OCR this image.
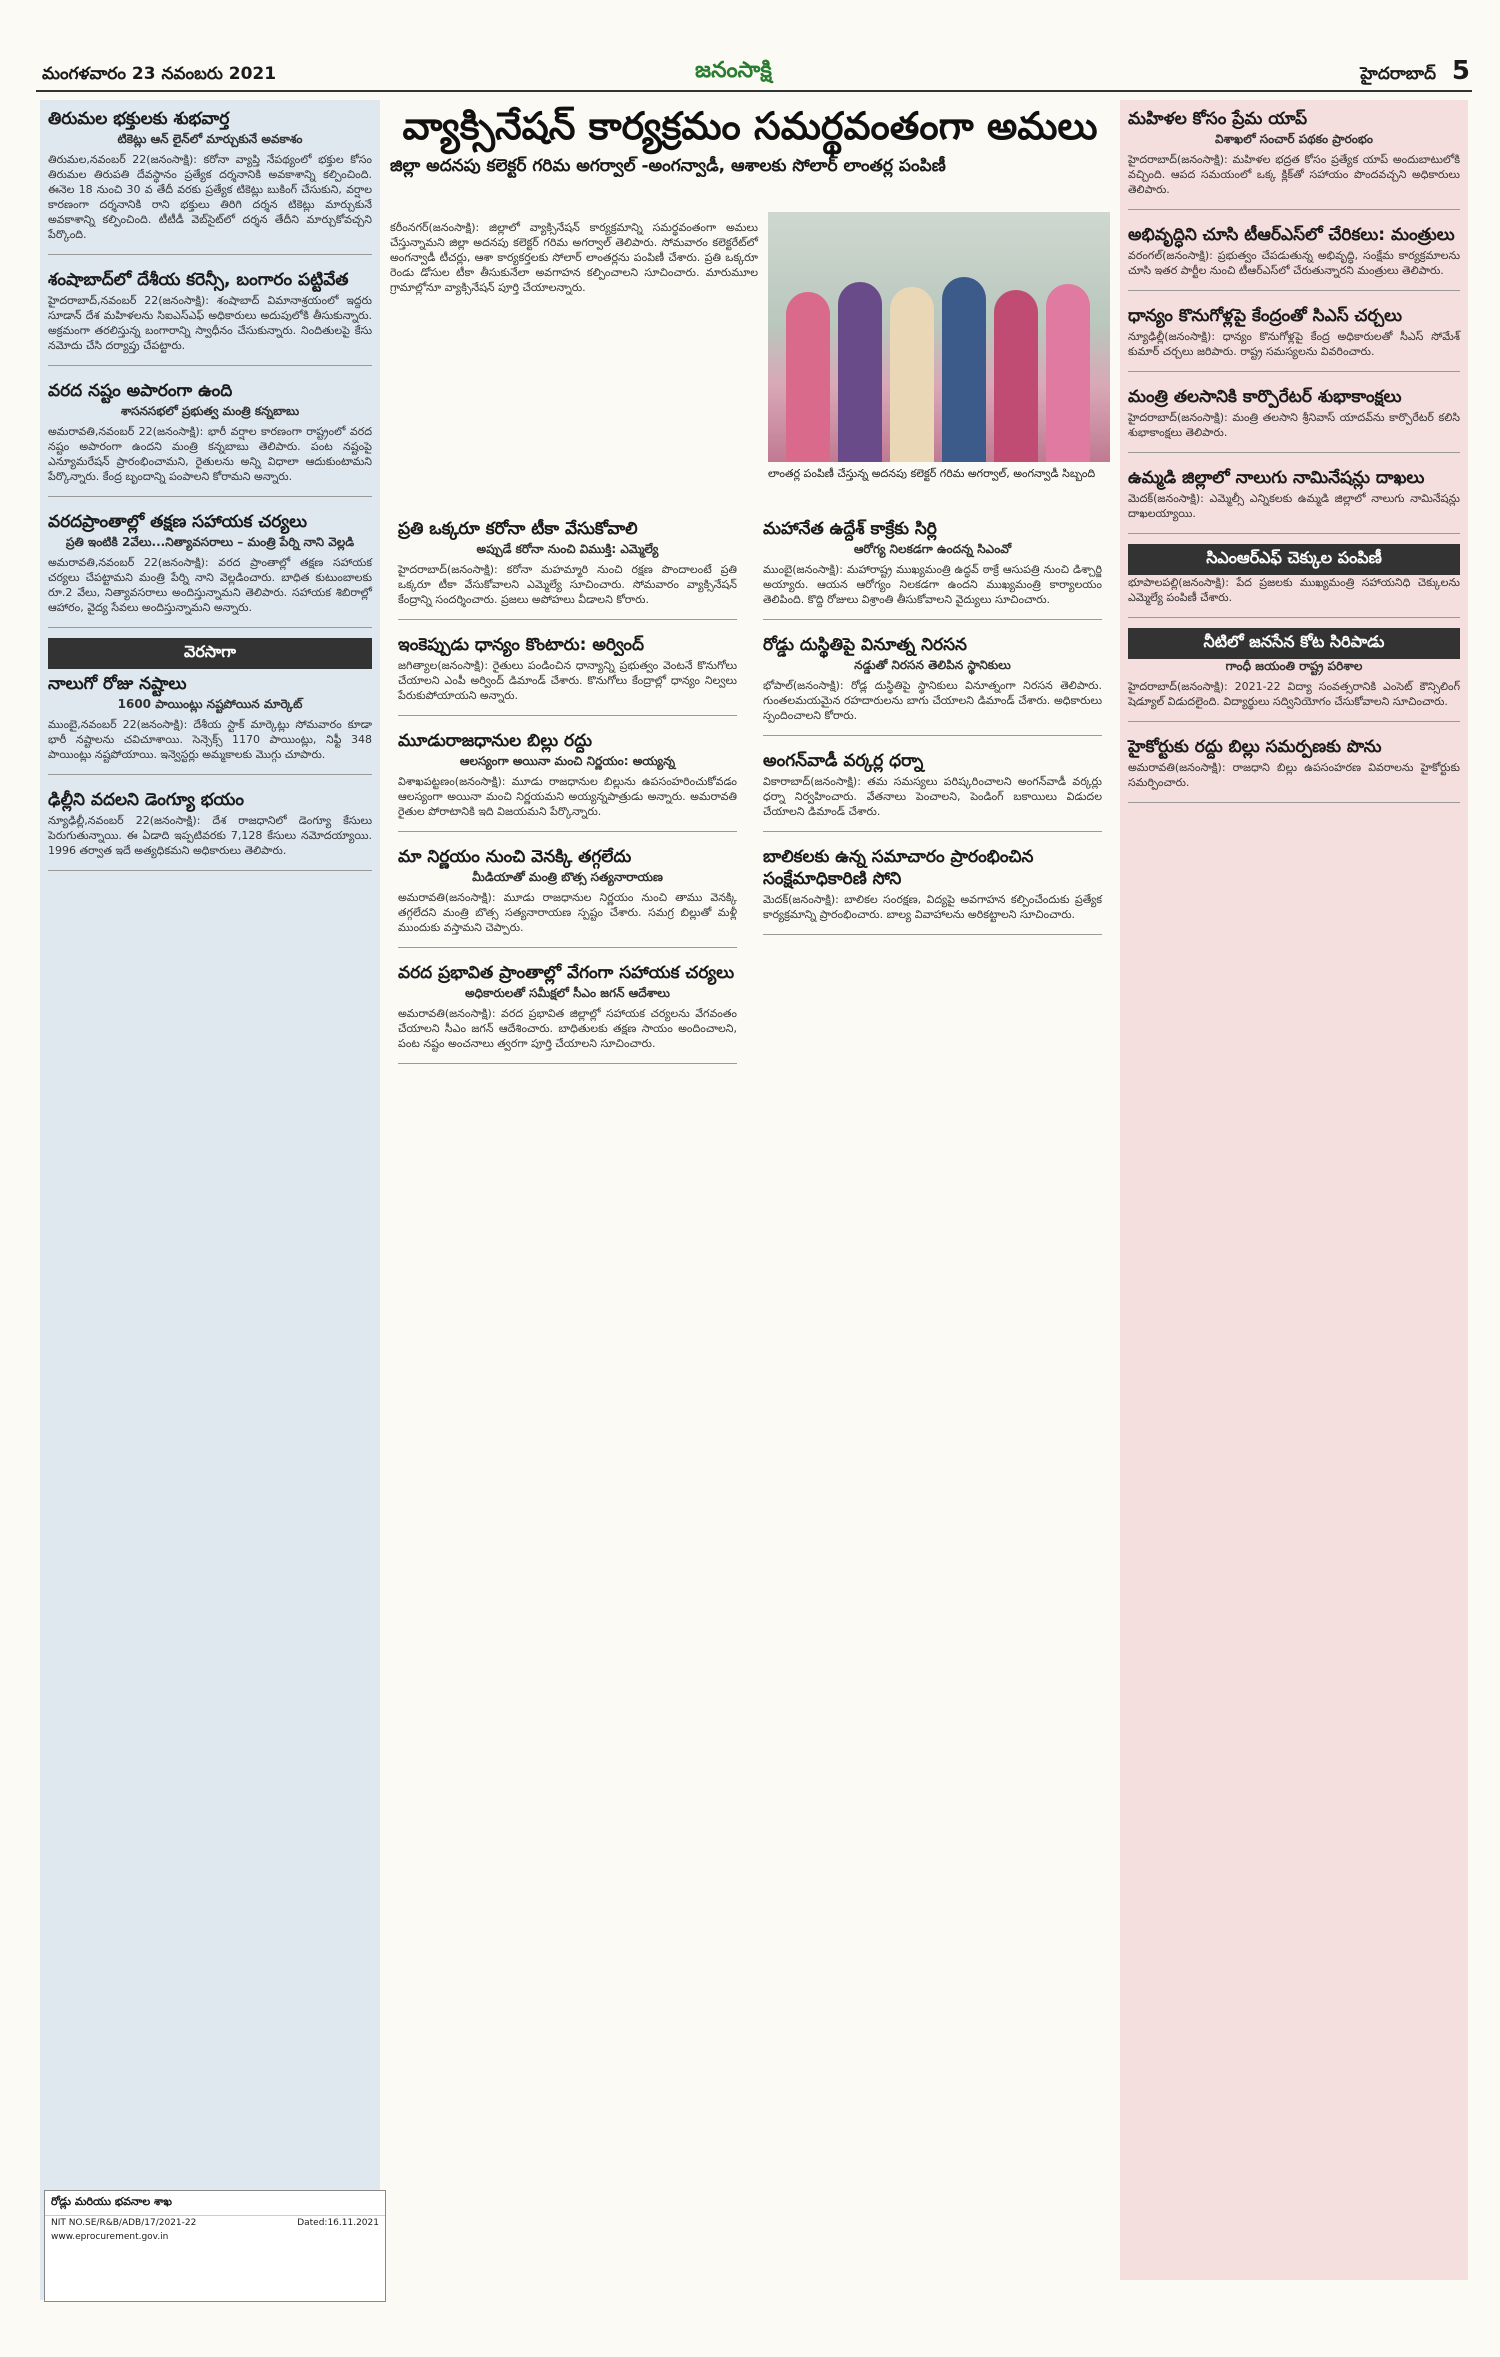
మంగళవారం 23 నవంబరు 2021	జనంసాక్షి	హైదరాబాద్ 5
తిరుమల భక్తులకు శుభవార్త
టికెట్లు ఆన్ లైన్‌లో మార్చుకునే అవకాశం

తిరుమల,నవంబర్ 22(జనంసాక్షి): కరోనా వ్యాప్తి నేపథ్యంలో భక్తుల కోసం తిరుమల తిరుపతి దేవస్థానం ప్రత్యేక దర్శనానికి అవకాశాన్ని కల్పించింది. ఈనెల 18 నుంచి 30 వ తేదీ వరకు ప్రత్యేక టికెట్లు బుకింగ్ చేసుకుని, వర్షాల కారణంగా దర్శనానికి రాని భక్తులు తిరిగి దర్శన టికెట్లు మార్చుకునే అవకాశాన్ని కల్పించింది. టీటీడీ వెబ్‌సైట్‌లో దర్శన తేదీని మార్చుకోవచ్చని పేర్కొంది.

శంషాబాద్‌లో దేశీయ కరెన్సీ, బంగారం పట్టివేత

హైదరాబాద్,నవంబర్ 22(జనంసాక్షి): శంషాబాద్ విమానాశ్రయంలో ఇద్దరు సూడాన్ దేశ మహిళలను సిఐఎస్ఎఫ్ అధికారులు అదుపులోకి తీసుకున్నారు. అక్రమంగా తరలిస్తున్న బంగారాన్ని స్వాధీనం చేసుకున్నారు. నిందితులపై కేసు నమోదు చేసి దర్యాప్తు చేపట్టారు.

వరద నష్టం అపారంగా ఉంది
శాసనసభలో ప్రభుత్వ మంత్రి కన్నబాబు

అమరావతి,నవంబర్ 22(జనంసాక్షి): భారీ వర్షాల కారణంగా రాష్ట్రంలో వరద నష్టం అపారంగా ఉందని మంత్రి కన్నబాబు తెలిపారు. పంట నష్టంపై ఎన్యూమరేషన్ ప్రారంభించామని, రైతులను అన్ని విధాలా ఆదుకుంటామని పేర్కొన్నారు. కేంద్ర బృందాన్ని పంపాలని కోరామని అన్నారు.

వరదప్రాంతాల్లో తక్షణ సహాయక చర్యలు
ప్రతి ఇంటికి 2వేలు...నిత్యావసరాలు – మంత్రి పేర్ని నాని వెల్లడి

అమరావతి,నవంబర్ 22(జనంసాక్షి): వరద ప్రాంతాల్లో తక్షణ సహాయక చర్యలు చేపట్టామని మంత్రి పేర్ని నాని వెల్లడించారు. బాధిత కుటుంబాలకు రూ.2 వేలు, నిత్యావసరాలు అందిస్తున్నామని తెలిపారు. సహాయక శిబిరాల్లో ఆహారం, వైద్య సేవలు అందిస్తున్నామని అన్నారు.

వెరసాగా
నాలుగో రోజు నష్టాలు
1600 పాయింట్లు నష్టపోయిన మార్కెట్

ముంబై,నవంబర్ 22(జనంసాక్షి): దేశీయ స్టాక్ మార్కెట్లు సోమవారం కూడా భారీ నష్టాలను చవిచూశాయి. సెన్సెక్స్ 1170 పాయింట్లు, నిఫ్టీ 348 పాయింట్లు నష్టపోయాయి. ఇన్వెస్టర్లు అమ్మకాలకు మొగ్గు చూపారు.

ఢిల్లీని వదలని డెంగ్యూ భయం

న్యూఢిల్లీ,నవంబర్ 22(జనంసాక్షి): దేశ రాజధానిలో డెంగ్యూ కేసులు పెరుగుతున్నాయి. ఈ ఏడాది ఇప్పటివరకు 7,128 కేసులు నమోదయ్యాయి. 1996 తర్వాత ఇదే అత్యధికమని అధికారులు తెలిపారు.

వ్యాక్సినేషన్ కార్యక్రమం సమర్థవంతంగా అమలు
జిల్లా అదనపు కలెక్టర్ గరిమ అగర్వాల్ -అంగన్వాడీ, ఆశాలకు సోలార్ లాంతర్ల పంపిణీ

కరీంనగర్(జనంసాక్షి): జిల్లాలో వ్యాక్సినేషన్ కార్యక్రమాన్ని సమర్థవంతంగా అమలు చేస్తున్నామని జిల్లా అదనపు కలెక్టర్ గరిమ అగర్వాల్ తెలిపారు. సోమవారం కలెక్టరేట్‌లో అంగన్వాడీ టీచర్లు, ఆశా కార్యకర్తలకు సోలార్ లాంతర్లను పంపిణీ చేశారు. ప్రతి ఒక్కరూ రెండు డోసుల టీకా తీసుకునేలా అవగాహన కల్పించాలని సూచించారు. మారుమూల గ్రామాల్లోనూ వ్యాక్సినేషన్ పూర్తి చేయాలన్నారు.

లాంతర్ల పంపిణీ చేస్తున్న అదనపు కలెక్టర్ గరిమ అగర్వాల్, అంగన్వాడీ సిబ్బంది
ప్రతి ఒక్కరూ కరోనా టీకా వేసుకోవాలి
అప్పుడే కరోనా నుంచి విముక్తి: ఎమ్మెల్యే

హైదరాబాద్(జనంసాక్షి): కరోనా మహమ్మారి నుంచి రక్షణ పొందాలంటే ప్రతి ఒక్కరూ టీకా వేసుకోవాలని ఎమ్మెల్యే సూచించారు. సోమవారం వ్యాక్సినేషన్ కేంద్రాన్ని సందర్శించారు. ప్రజలు అపోహలు వీడాలని కోరారు.

ఇంకెప్పుడు ధాన్యం కొంటారు: అర్వింద్

జగిత్యాల(జనంసాక్షి): రైతులు పండించిన ధాన్యాన్ని ప్రభుత్వం వెంటనే కొనుగోలు చేయాలని ఎంపీ అర్వింద్ డిమాండ్ చేశారు. కొనుగోలు కేంద్రాల్లో ధాన్యం నిల్వలు పేరుకుపోయాయని అన్నారు.

మూడురాజధానుల బిల్లు రద్దు
ఆలస్యంగా అయినా మంచి నిర్ణయం: అయ్యన్న

విశాఖపట్టణం(జనంసాక్షి): మూడు రాజధానుల బిల్లును ఉపసంహరించుకోవడం ఆలస్యంగా అయినా మంచి నిర్ణయమని అయ్యన్నపాత్రుడు అన్నారు. అమరావతి రైతుల పోరాటానికి ఇది విజయమని పేర్కొన్నారు.

మా నిర్ణయం నుంచి వెనక్కి తగ్గలేదు
మీడియాతో మంత్రి బొత్స సత్యనారాయణ

అమరావతి(జనంసాక్షి): మూడు రాజధానుల నిర్ణయం నుంచి తాము వెనక్కి తగ్గలేదని మంత్రి బొత్స సత్యనారాయణ స్పష్టం చేశారు. సమగ్ర బిల్లుతో మళ్లీ ముందుకు వస్తామని చెప్పారు.

వరద ప్రభావిత ప్రాంతాల్లో వేగంగా సహాయక చర్యలు
అధికారులతో సమీక్షలో సీఎం జగన్ ఆదేశాలు

అమరావతి(జనంసాక్షి): వరద ప్రభావిత జిల్లాల్లో సహాయక చర్యలను వేగవంతం చేయాలని సీఎం జగన్ ఆదేశించారు. బాధితులకు తక్షణ సాయం అందించాలని, పంట నష్టం అంచనాలు త్వరగా పూర్తి చేయాలని సూచించారు.

మహానేత ఉద్దేశ్ కాక్రేకు సిర్లి
ఆరోగ్య నిలకడగా ఉందన్న సిఎంవో

ముంబై(జనంసాక్షి): మహారాష్ట్ర ముఖ్యమంత్రి ఉద్ధవ్ ఠాక్రే ఆసుపత్రి నుంచి డిశ్చార్జి అయ్యారు. ఆయన ఆరోగ్యం నిలకడగా ఉందని ముఖ్యమంత్రి కార్యాలయం తెలిపింది. కొద్ది రోజులు విశ్రాంతి తీసుకోవాలని వైద్యులు సూచించారు.

రోడ్డు దుస్థితిపై వినూత్న నిరసన
నడ్డుతో నిరసన తెలిపిన స్థానికులు

భోపాల్(జనంసాక్షి): రోడ్ల దుస్థితిపై స్థానికులు వినూత్నంగా నిరసన తెలిపారు. గుంతలమయమైన రహదారులను బాగు చేయాలని డిమాండ్ చేశారు. అధికారులు స్పందించాలని కోరారు.

అంగన్‌వాడీ వర్కర్ల ధర్నా

వికారాబాద్(జనంసాక్షి): తమ సమస్యలు పరిష్కరించాలని అంగన్‌వాడీ వర్కర్లు ధర్నా నిర్వహించారు. వేతనాలు పెంచాలని, పెండింగ్ బకాయిలు విడుదల చేయాలని డిమాండ్ చేశారు.

బాలికలకు ఉన్న సమాచారం ప్రారంభించిన సంక్షేమాధికారిణి సోని

మెదక్(జనంసాక్షి): బాలికల సంరక్షణ, విద్యపై అవగాహన కల్పించేందుకు ప్రత్యేక కార్యక్రమాన్ని ప్రారంభించారు. బాల్య వివాహాలను అరికట్టాలని సూచించారు.

మహిళల కోసం ప్రేమ యాప్
విశాఖలో సంచార్ పథకం ప్రారంభం

హైదరాబాద్(జనంసాక్షి): మహిళల భద్రత కోసం ప్రత్యేక యాప్ అందుబాటులోకి వచ్చింది. ఆపద సమయంలో ఒక్క క్లిక్‌తో సహాయం పొందవచ్చని అధికారులు తెలిపారు.

అభివృద్ధిని చూసి టీఆర్ఎస్‌లో చేరికలు: మంత్రులు

వరంగల్(జనంసాక్షి): ప్రభుత్వం చేపడుతున్న అభివృద్ధి, సంక్షేమ కార్యక్రమాలను చూసి ఇతర పార్టీల నుంచి టీఆర్ఎస్‌లో చేరుతున్నారని మంత్రులు తెలిపారు.

ధాన్యం కొనుగోళ్లపై కేంద్రంతో సిఎస్ చర్చలు

న్యూఢిల్లీ(జనంసాక్షి): ధాన్యం కొనుగోళ్లపై కేంద్ర అధికారులతో సీఎస్ సోమేశ్ కుమార్ చర్చలు జరిపారు. రాష్ట్ర సమస్యలను వివరించారు.

మంత్రి తలసానికి కార్పొరేటర్ శుభాకాంక్షలు

హైదరాబాద్(జనంసాక్షి): మంత్రి తలసాని శ్రీనివాస్ యాదవ్‌ను కార్పొరేటర్ కలిసి శుభాకాంక్షలు తెలిపారు.

ఉమ్మడి జిల్లాలో నాలుగు నామినేషన్లు దాఖలు

మెదక్(జనంసాక్షి): ఎమ్మెల్సీ ఎన్నికలకు ఉమ్మడి జిల్లాలో నాలుగు నామినేషన్లు దాఖలయ్యాయి.

సిఎంఆర్‌ఎఫ్ చెక్కుల పంపిణీ

భూపాలపల్లి(జనంసాక్షి): పేద ప్రజలకు ముఖ్యమంత్రి సహాయనిధి చెక్కులను ఎమ్మెల్యే పంపిణీ చేశారు.

నీటిలో జనసేన కోట సిరిపాడు
గాంధీ జయంతి రాష్ట్ర పరిశాల

హైదరాబాద్(జనంసాక్షి): 2021-22 విద్యా సంవత్సరానికి ఎంసెట్ కౌన్సిలింగ్ షెడ్యూల్ విడుదలైంది. విద్యార్థులు సద్వినియోగం చేసుకోవాలని సూచించారు.

హైకోర్టుకు రద్దు బిల్లు సమర్పణకు పొను

అమరావతి(జనంసాక్షి): రాజధాని బిల్లు ఉపసంహరణ వివరాలను హైకోర్టుకు సమర్పించారు.

రోడ్లు మరియు భవనాల శాఖ
NIT NO.SE/R&B/ADB/17/2021-22	Dated:16.11.2021
www.eprocurement.gov.in
